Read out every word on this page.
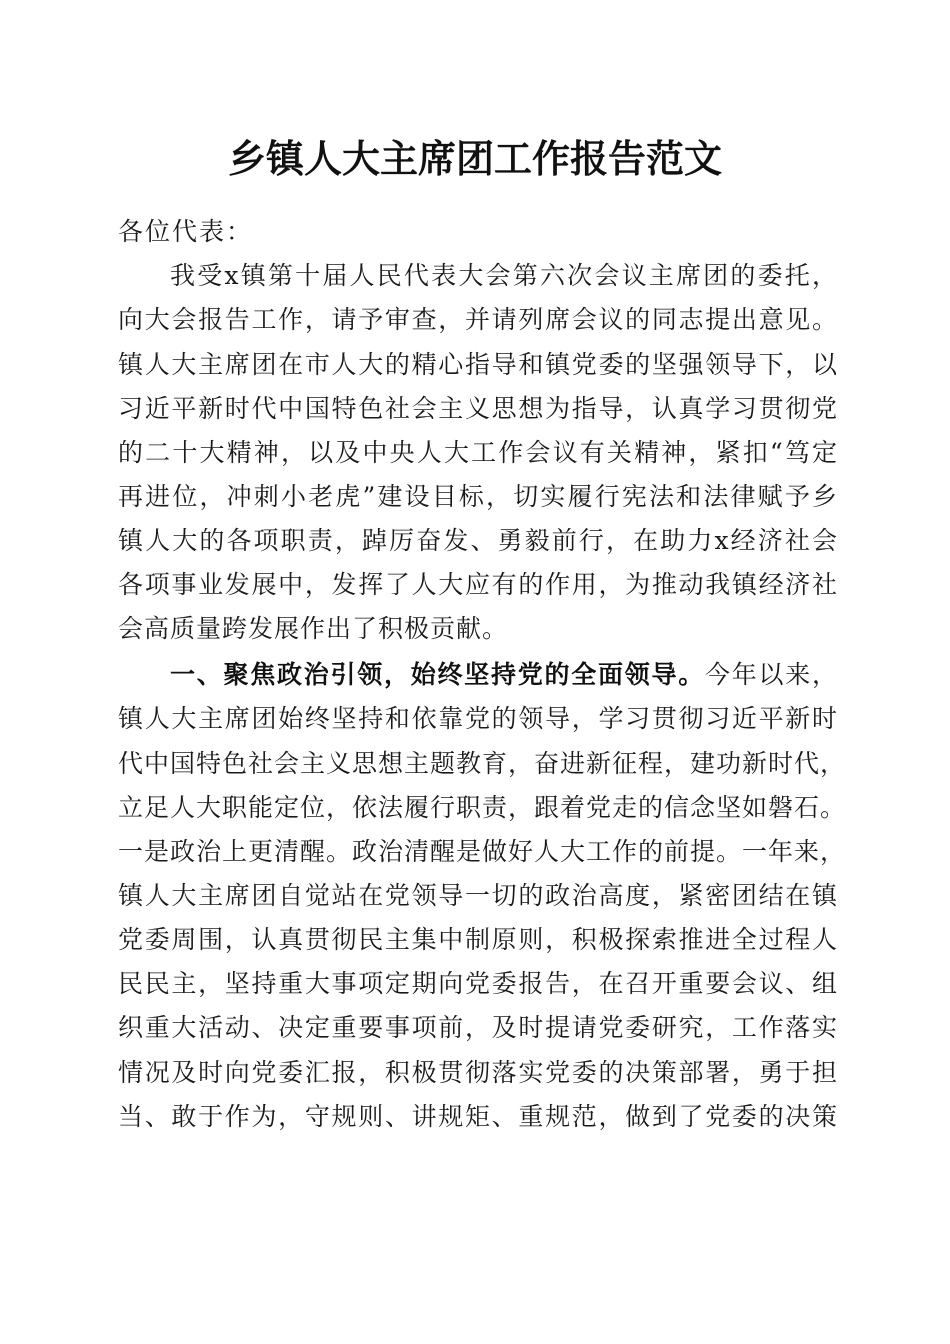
乡镇人大主席团工作报告范文
各位代表：
我受x镇第十届人民代表大会第六次会议主席团的委托，
向大会报告工作，请予审查，并请列席会议的同志提出意见。
镇人大主席团在市人大的精心指导和镇党委的坚强领导下，以
习近平新时代中国特色社会主义思想为指导，认真学习贯彻党
的二十大精神，以及中央人大工作会议有关精神，紧扣“笃定
再进位，冲刺小老虎”建设目标，切实履行宪法和法律赋予乡
镇人大的各项职责，踔厉奋发、勇毅前行，在助力x经济社会
各项事业发展中，发挥了人大应有的作用，为推动我镇经济社
会高质量跨发展作出了积极贡献。
一、聚焦政治引领，始终坚持党的全面领导。今年以来，
镇人大主席团始终坚持和依靠党的领导，学习贯彻习近平新时
代中国特色社会主义思想主题教育，奋进新征程，建功新时代，
立足人大职能定位，依法履行职责，跟着党走的信念坚如磐石。
一是政治上更清醒。政治清醒是做好人大工作的前提。一年来，
镇人大主席团自觉站在党领导一切的政治高度，紧密团结在镇
党委周围，认真贯彻民主集中制原则，积极探索推进全过程人
民民主，坚持重大事项定期向党委报告，在召开重要会议、组
织重大活动、决定重要事项前，及时提请党委研究，工作落实
情况及时向党委汇报，积极贯彻落实党委的决策部署，勇于担
当、敢于作为，守规则、讲规矩、重规范，做到了党委的决策
